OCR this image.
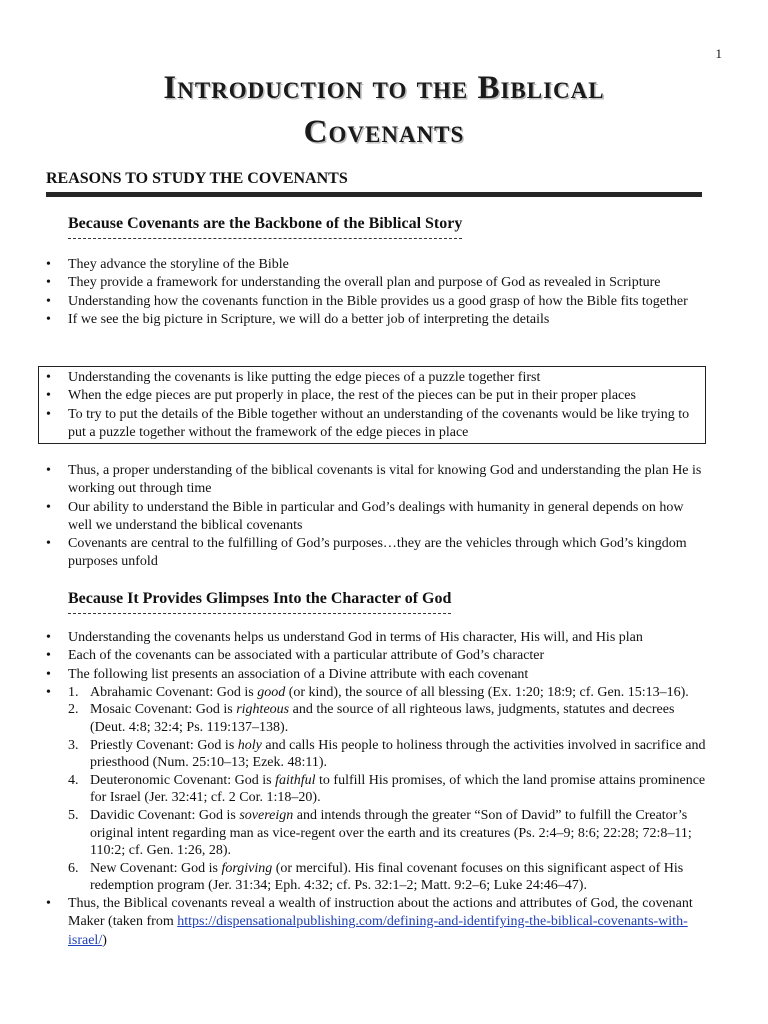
1
Introduction to the Biblical
Covenants
REASONS TO STUDY THE COVENANTS
Because Covenants are the Backbone of the Biblical Story
• They advance the storyline of the Bible
• They provide a framework for understanding the overall plan and purpose of God as revealed in Scripture
• Understanding how the covenants function in the Bible provides us a good grasp of how the Bible fits together
• If we see the big picture in Scripture, we will do a better job of interpreting the details
• Understanding the covenants is like putting the edge pieces of a puzzle together first
• When the edge pieces are put properly in place, the rest of the pieces can be put in their proper places
• To try to put the details of the Bible together without an understanding of the covenants would be like trying to put a puzzle together without the framework of the edge pieces in place
• Thus, a proper understanding of the biblical covenants is vital for knowing God and understanding the plan He is working out through time
• Our ability to understand the Bible in particular and God’s dealings with humanity in general depends on how well we understand the biblical covenants
• Covenants are central to the fulfilling of God’s purposes…they are the vehicles through which God’s kingdom purposes unfold
Because It Provides Glimpses Into the Character of God
• Understanding the covenants helps us understand God in terms of His character, His will, and His plan
• Each of the covenants can be associated with a particular attribute of God’s character
• The following list presents an association of a Divine attribute with each covenant
• 1. Abrahamic Covenant: God is good (or kind), the source of all blessing (Ex. 1:20; 18:9; cf. Gen. 15:13–16).
2. Mosaic Covenant: God is righteous and the source of all righteous laws, judgments, statutes and decrees (Deut. 4:8; 32:4; Ps. 119:137–138).
3. Priestly Covenant: God is holy and calls His people to holiness through the activities involved in sacrifice and priesthood (Num. 25:10–13; Ezek. 48:11).
4. Deuteronomic Covenant: God is faithful to fulfill His promises, of which the land promise attains prominence for Israel (Jer. 32:41; cf. 2 Cor. 1:18–20).
5. Davidic Covenant: God is sovereign and intends through the greater “Son of David” to fulfill the Creator’s original intent regarding man as vice-regent over the earth and its creatures (Ps. 2:4–9; 8:6; 22:28; 72:8–11; 110:2; cf. Gen. 1:26, 28).
6. New Covenant: God is forgiving (or merciful). His final covenant focuses on this significant aspect of His redemption program (Jer. 31:34; Eph. 4:32; cf. Ps. 32:1–2; Matt. 9:2–6; Luke 24:46–47).
• Thus, the Biblical covenants reveal a wealth of instruction about the actions and attributes of God, the covenant Maker (taken from https://dispensationalpublishing.com/defining-and-identifying-the-biblical-covenants-with-israel/)
